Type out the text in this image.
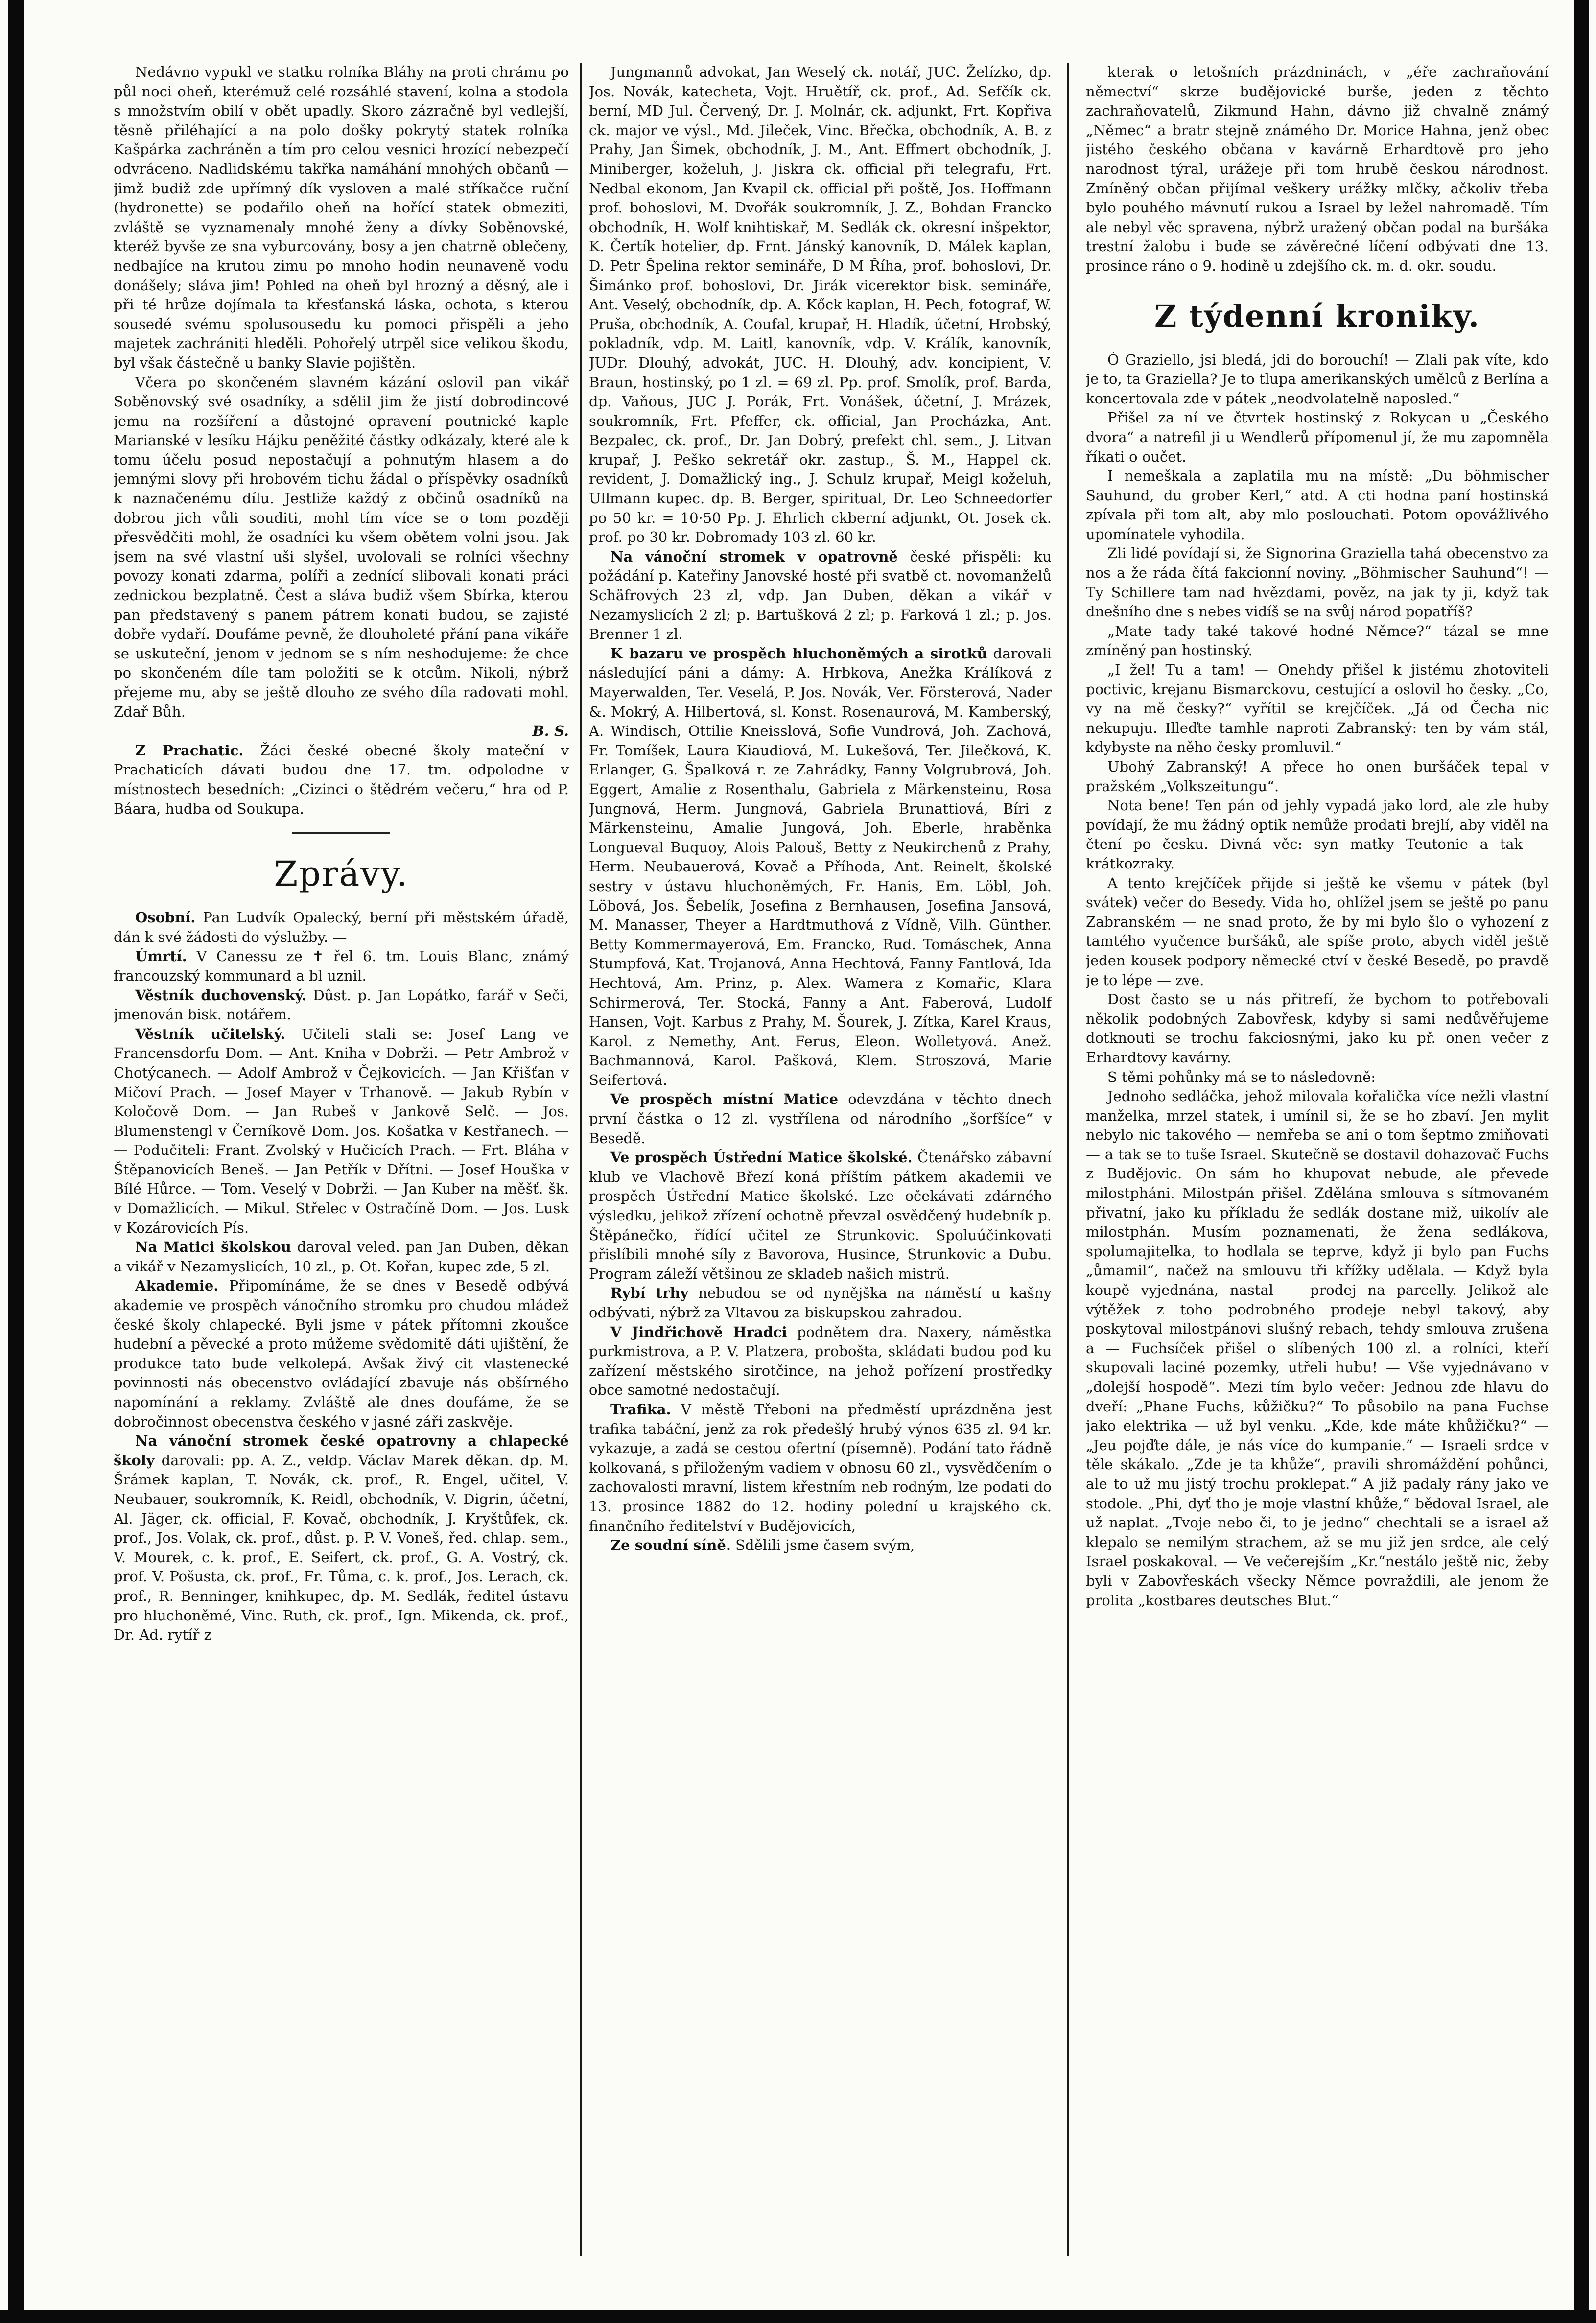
Nedávno vypukl ve statku rolníka Bláhy na proti chrámu po půl noci oheň, kterémuž celé rozsáhlé stavení, kolna a stodola s množstvím obilí v obět upadly. Skoro zázračně byl vedlejší, těsně přiléhající a na polo došky pokrytý statek rolníka Kašpárka zachráněn a tím pro celou vesnici hrozící nebezpečí odvráceno. Nadlidskému takřka namáhání mnohých občanů — jimž budiž zde upřímný dík vysloven a malé stříkačce ruční (hydronette) se podařilo oheň na hořící statek obmeziti, zvláště se vyznamenaly mnohé ženy a dívky Soběnovské, kteréž byvše ze sna vyburcovány, bosy a jen chatrně oblečeny, nedbajíce na krutou zimu po mnoho hodin neunaveně vodu donášely; sláva jim! Pohled na oheň byl hrozný a děsný, ale i při té hrůze dojímala ta křesťanská láska, ochota, s kterou sousedé svému spolusousedu ku pomoci přispěli a jeho majetek zachrániti hleděli. Pohořelý utrpěl sice velikou škodu, byl však částečně u banky Slavie pojištěn.

Včera po skončeném slavném kázání oslovil pan vikář Soběnovský své osadníky, a sdělil jim že jistí dobrodincové jemu na rozšíření a důstojné opravení poutnické kaple Marianské v lesíku Hájku peněžité částky odkázaly, které ale k tomu účelu posud nepostačují a pohnutým hlasem a do jemnými slovy při hrobovém tichu žádal o příspěvky osadníků k naznačenému dílu. Jestliže každý z občinů osadníků na dobrou jich vůli souditi, mohl tím více se o tom později přesvědčiti mohl, že osadníci ku všem obětem volni jsou. Jak jsem na své vlastní uši slyšel, uvolovali se rolníci všechny povozy konati zdarma, políři a zednící slibovali konati práci zednickou bezplatně. Čest a sláva budiž všem Sbírka, kterou pan představený s panem pátrem konati budou, se zajisté dobře vydaří. Doufáme pevně, že dlouholeté přání pana vikáře se uskuteční, jenom v jednom se s ním neshodujeme: že chce po skončeném díle tam položiti se k otcům. Nikoli, nýbrž přejeme mu, aby se ještě dlouho ze svého díla radovati mohl. Zdař Bůh.

B. S.

Z Prachatic. Žáci české obecné školy mateční v Prachaticích dávati budou dne 17. tm. odpolodne v místnostech besedních: „Cizinci o štědrém večeru,“ hra od P. Báara, hudba od Soukupa.

Zprávy.

Osobní. Pan Ludvík Opalecký, berní při městském úřadě, dán k své žádosti do výslužby. —

Úmrtí. V Canessu ze ✝ řel 6. tm. Louis Blanc, známý francouzský kommunard a bl uznil.

Věstník duchovenský. Dûst. p. Jan Lopátko, farář v Seči, jmenován bisk. notářem.

Věstník učitelský. Učiteli stali se: Josef Lang ve Francensdorfu Dom. — Ant. Kniha v Dobrži. — Petr Ambrož v Chotýcanech. — Adolf Ambrož v Čejkovicích. — Jan Křišťan v Mičoví Prach. — Josef Mayer v Trhanově. — Jakub Rybín v Koločově Dom. — Jan Rubeš v Jankově Selč. — Jos. Blumenstengl v Černíkově Dom. Jos. Košatka v Kestřanech. — — Podučiteli: Frant. Zvolský v Hučicích Prach. — Frt. Bláha v Štěpanovicích Beneš. — Jan Petřík v Dřítni. — Josef Houška v Bílé Hůrce. — Tom. Veselý v Dobrži. — Jan Kuber na měšť. šk. v Domažlicích. — Mikul. Střelec v Ostračíně Dom. — Jos. Lusk v Kozárovicích Pís.

Na Matici školskou daroval veled. pan Jan Duben, děkan a vikář v Nezamyslicích, 10 zl., p. Ot. Kořan, kupec zde, 5 zl.

Akademie. Připomínáme, že se dnes v Besedě odbývá akademie ve prospěch vánočního stromku pro chudou mládež české školy chlapecké. Byli jsme v pátek přítomni zkoušce hudební a pěvecké a proto můžeme svědomitě dáti ujištění, že produkce tato bude velkolepá. Avšak živý cit vlastenecké povinnosti nás obecenstvo ovládající zbavuje nás obšírného napomínání a reklamy. Zvláště ale dnes doufáme, že se dobročinnost obecenstva českého v jasné záři zaskvěje.

Na vánoční stromek české opatrovny a chlapecké školy darovali: pp. A. Z., veldp. Václav Marek děkan. dp. M. Šrámek kaplan, T. Novák, ck. prof., R. Engel, učitel, V. Neubauer, soukromník, K. Reidl, obchodník, V. Digrin, účetní, Al. Jäger, ck. official, F. Kovač, obchodník, J. Kryštůfek, ck. prof., Jos. Volak, ck. prof., důst. p. P. V. Voneš, řed. chlap. sem., V. Mourek, c. k. prof., E. Seifert, ck. prof., G. A. Vostrý, ck. prof. V. Pošusta, ck. prof., Fr. Tůma, c. k. prof., Jos. Lerach, ck. prof., R. Benninger, knihkupec, dp. M. Sedlák, ředitel ústavu pro hluchoněmé, Vinc. Ruth, ck. prof., Ign. Mikenda, ck. prof., Dr. Ad. rytíř z

Jungmannů advokat, Jan Weselý ck. notář, JUC. Želízko, dp. Jos. Novák, katecheta, Vojt. Hruětíř, ck. prof., Ad. Sefčík ck. berní, MD Jul. Červený, Dr. J. Molnár, ck. adjunkt, Frt. Kopřiva ck. major ve výsl., Md. Jileček, Vinc. Břečka, obchodník, A. B. z Prahy, Jan Šimek, obchodník, J. M., Ant. Effmert obchodník, J. Miniberger, koželuh, J. Jiskra ck. official při telegrafu, Frt. Nedbal ekonom, Jan Kvapil ck. official při poště, Jos. Hoffmann prof. bohoslovi, M. Dvořák soukromník, J. Z., Bohdan Francko obchodník, H. Wolf knihtiskař, M. Sedlák ck. okresní inšpektor, K. Čertík hotelier, dp. Frnt. Jánský kanovník, D. Málek kaplan, D. Petr Špelina rektor semináře, D M Říha, prof. bohoslovi, Dr. Šimánko prof. bohoslovi, Dr. Jirák vicerektor bisk. semináře, Ant. Veselý, obchodník, dp. A. Kőck kaplan, H. Pech, fotograf, W. Pruša, obchodník, A. Coufal, krupař, H. Hladík, účetní, Hrobský, pokladník, vdp. M. Laitl, kanovník, vdp. V. Králík, kanovník, JUDr. Dlouhý, advokát, JUC. H. Dlouhý, adv. koncipient, V. Braun, hostinský, po 1 zl. = 69 zl. Pp. prof. Smolík, prof. Barda, dp. Vaňous, JUC J. Porák, Frt. Vonášek, účetní, J. Mrázek, soukromník, Frt. Pfeffer, ck. official, Jan Procházka, Ant. Bezpalec, ck. prof., Dr. Jan Dobrý, prefekt chl. sem., J. Litvan krupař, J. Peško sekretář okr. zastup., Š. M., Happel ck. revident, J. Domažlický ing., J. Schulz krupař, Meigl koželuh, Ullmann kupec. dp. B. Berger, spiritual, Dr. Leo Schneedorfer po 50 kr. = 10·50 Pp. J. Ehrlich ckberní adjunkt, Ot. Josek ck. prof. po 30 kr. Dobromady 103 zl. 60 kr.

Na vánoční stromek v opatrovně české přispěli: ku požádání p. Kateřiny Janovské hosté při svatbě ct. novomanželů Schäfrových 23 zl, vdp. Jan Duben, děkan a vikář v Nezamyslicích 2 zl; p. Bartušková 2 zl; p. Farková 1 zl.; p. Jos. Brenner 1 zl.

K bazaru ve prospěch hluchoněmých a sirotků darovali následující páni a dámy: A. Hrbkova, Anežka Králíková z Mayerwalden, Ter. Veselá, P. Jos. Novák, Ver. Försterová, Nader &. Mokrý, A. Hilbertová, sl. Konst. Rosenaurová, M. Kamberský, A. Windisch, Ottilie Kneisslová, Sofie Vundrová, Joh. Zachová, Fr. Tomíšek, Laura Kiaudiová, M. Lukešová, Ter. Jilečková, K. Erlanger, G. Špalková r. ze Zahrádky, Fanny Volgrubrová, Joh. Eggert, Amalie z Rosenthalu, Gabriela z Märkensteinu, Rosa Jungnová, Herm. Jungnová, Gabriela Brunattiová, Bíri z Märkensteinu, Amalie Jungová, Joh. Eberle, hraběnka Longueval Buquoy, Alois Palouš, Betty z Neukirchenů z Prahy, Herm. Neubauerová, Kovač a Příhoda, Ant. Reinelt, školské sestry v ústavu hluchoněmých, Fr. Hanis, Em. Löbl, Joh. Löbová, Jos. Šebelík, Josefina z Bernhausen, Josefina Jansová, M. Manasser, Theyer a Hardtmuthová z Vídně, Vilh. Günther. Betty Kommermayerová, Em. Francko, Rud. Tomáschek, Anna Stumpfová, Kat. Trojanová, Anna Hechtová, Fanny Fantlová, Ida Hechtová, Am. Prinz, p. Alex. Wamera z Komařic, Klara Schirmerová, Ter. Stocká, Fanny a Ant. Faberová, Ludolf Hansen, Vojt. Karbus z Prahy, M. Šourek, J. Zítka, Karel Kraus, Karol. z Nemethy, Ant. Ferus, Eleon. Wolletyová. Anež. Bachmannová, Karol. Pašková, Klem. Stroszová, Marie Seifertová.

Ve prospěch místní Matice odevzdána v těchto dnech první částka o 12 zl. vystřílena od národního „šorfšíce“ v Besedě.

Ve prospěch Ústřední Matice školské. Čtenářsko zábavní klub ve Vlachově Březí koná příštím pátkem akademii ve prospěch Ústřední Matice školské. Lze očekávati zdárného výsledku, jelikož zřízení ochotně převzal osvědčený hudebník p. Štěpánečko, řídící učitel ze Strunkovic. Spoluúčinkovati přislíbili mnohé síly z Bavorova, Husince, Strunkovic a Dubu. Program záleží většinou ze skladeb našich mistrů.

Rybí trhy nebudou se od nynějška na náměstí u kašny odbývati, nýbrž za Vltavou za biskupskou zahradou.

V Jindřichově Hradci podnětem dra. Naxery, náměstka purkmistrova, a P. V. Platzera, probošta, skládati budou pod ku zařízení městského sirotčince, na jehož pořízení prostředky obce samotné nedostačují.

Trafika. V městě Třeboni na předměstí uprázdněna jest trafika tabáční, jenž za rok předešlý hrubý výnos 635 zl. 94 kr. vykazuje, a zadá se cestou ofertní (písemně). Podání tato řádně kolkovaná, s přiloženým vadiem v obnosu 60 zl., vysvědčením o zachovalosti mravní, listem křestním neb rodným, lze podati do 13. prosince 1882 do 12. hodiny polední u krajského ck. finančního ředitelství v Budějovicích,

Ze soudní síně. Sdělili jsme časem svým,

kterak o letošních prázdninách, v „éře zachraňování němectví“ skrze budějovické burše, jeden z těchto zachraňovatelů, Zikmund Hahn, dávno již chvalně známý „Němec“ a bratr stejně známého Dr. Morice Hahna, jenž obec jistého českého občana v kavárně Erhardtově pro jeho narodnost týral, urážeje při tom hrubě českou národnost. Zmíněný občan přijímal veškery urážky mlčky, ačkoliv třeba bylo pouhého mávnutí rukou a Israel by ležel nahromadě. Tím ale nebyl věc spravena, nýbrž uražený občan podal na buršáka trestní žalobu i bude se závěrečné líčení odbývati dne 13. prosince ráno o 9. hodině u zdejšího ck. m. d. okr. soudu.

Z týdenní kroniky.

Ó Graziello, jsi bledá, jdi do borouchí! — Zlali pak víte, kdo je to, ta Graziella? Je to tlupa amerikanských umělců z Berlína a koncertovala zde v pátek „neodvolatelně naposled.“

Přišel za ní ve čtvrtek hostinský z Rokycan u „Českého dvora“ a natrefil ji u Wendlerů přípomenul jí, že mu zapomněla říkati o oučet.

I nemeškala a zaplatila mu na místě: „Du böhmischer Sauhund, du grober Kerl,“ atd. A cti hodna paní hostinská zpívala při tom alt, aby mlo poslouchati. Potom opovážlivého upomínatele vyhodila.

Zli lidé povídají si, že Signorina Graziella tahá obecenstvo za nos a že ráda čítá fakcionní noviny. „Böhmischer Sauhund“! — Ty Schillere tam nad hvězdami, pověz, na jak ty ji, když tak dnešního dne s nebes vidíš se na svůj národ popatříš?

„Mate tady také takové hodné Němce?“ tázal se mne zmíněný pan hostinský.

„I žel! Tu a tam! — Onehdy přišel k jistému zhotoviteli poctivic, krejanu Bismarckovu, cestující a oslovil ho česky. „Co, vy na mě česky?“ vyřítil se krejčíček. „Já od Čecha nic nekupuju. Illeďte tamhle naproti Zabranský: ten by vám stál, kdybyste na něho česky promluvil.“

Ubohý Zabranský! A přece ho onen buršáček tepal v pražském „Volkszeitungu“.

Nota bene! Ten pán od jehly vypadá jako lord, ale zle huby povídají, že mu žádný optik nemůže prodati brejlí, aby viděl na čtení po česku. Divná věc: syn matky Teutonie a tak — krátkozraky.

A tento krejčíček přijde si ještě ke všemu v pátek (byl svátek) večer do Besedy. Vida ho, ohlížel jsem se ještě po panu Zabranském — ne snad proto, že by mi bylo šlo o vyhození z tamtého vyučence buršáků, ale spíše proto, abych viděl ještě jeden kousek podpory německé ctví v české Besedě, po pravdě je to lépe — zve.

Dost často se u nás přitrefí, že bychom to potřebovali několik podobných Zabovřesk, kdyby si sami nedůvěřujeme dotknouti se trochu fakciosnými, jako ku př. onen večer z Erhardtovy kavárny.

S těmi pohůnky má se to následovně:

Jednoho sedláčka, jehož milovala kořalička více nežli vlastní manželka, mrzel statek, i umínil si, že se ho zbaví. Jen mylit nebylo nic takového — nemřeba se ani o tom šeptmo zmiňovati — a tak se to tuše Israel. Skutečně se dostavil dohazovač Fuchs z Budějovic. On sám ho khupovat nebude, ale převede milostpháni. Milostpán přišel. Zdělána smlouva s sítmovaném přivatní, jako ku příkladu že sedlák dostane miž, uikolív ale milostphán. Musím poznamenati, že žena sedlákova, spolumajitelka, to hodlala se teprve, když ji bylo pan Fuchs „ůmamil“, načež na smlouvu tři křížky udělala. — Když byla koupě vyjednána, nastal — prodej na parcelly. Jelikož ale výtěžek z toho podrobného prodeje nebyl takový, aby poskytoval milostpánovi slušný rebach, tehdy smlouva zrušena a — Fuchsíček přišel o slíbených 100 zl. a rolníci, kteří skupovali laciné pozemky, utřeli hubu! — Vše vyjednávano v „dolejší hospodě“. Mezi tím bylo večer: Jednou zde hlavu do dveří: „Phane Fuchs, kůžičku?“ To působilo na pana Fuchse jako elektrika — už byl venku. „Kde, kde máte khůžičku?“ — „Jeu pojďte dále, je nás více do kumpanie.“ — Israeli srdce v těle skákalo. „Zde je ta khůže“, pravili shromáždění pohůnci, ale to už mu jistý trochu proklepat.“ A již padaly rány jako ve stodole. „Phi, dyť tho je moje vlastní khůže,“ bědoval Israel, ale už naplat. „Tvoje nebo či, to je jedno“ chechtali se a israel až klepalo se nemilým strachem, až se mu již jen srdce, ale celý Israel poskakoval. — Ve večerejším „Kr.“nestálo ještě nic, žeby byli v Zabovřeskách všecky Němce povraždili, ale jenom že prolita „kostbares deutsches Blut.“
